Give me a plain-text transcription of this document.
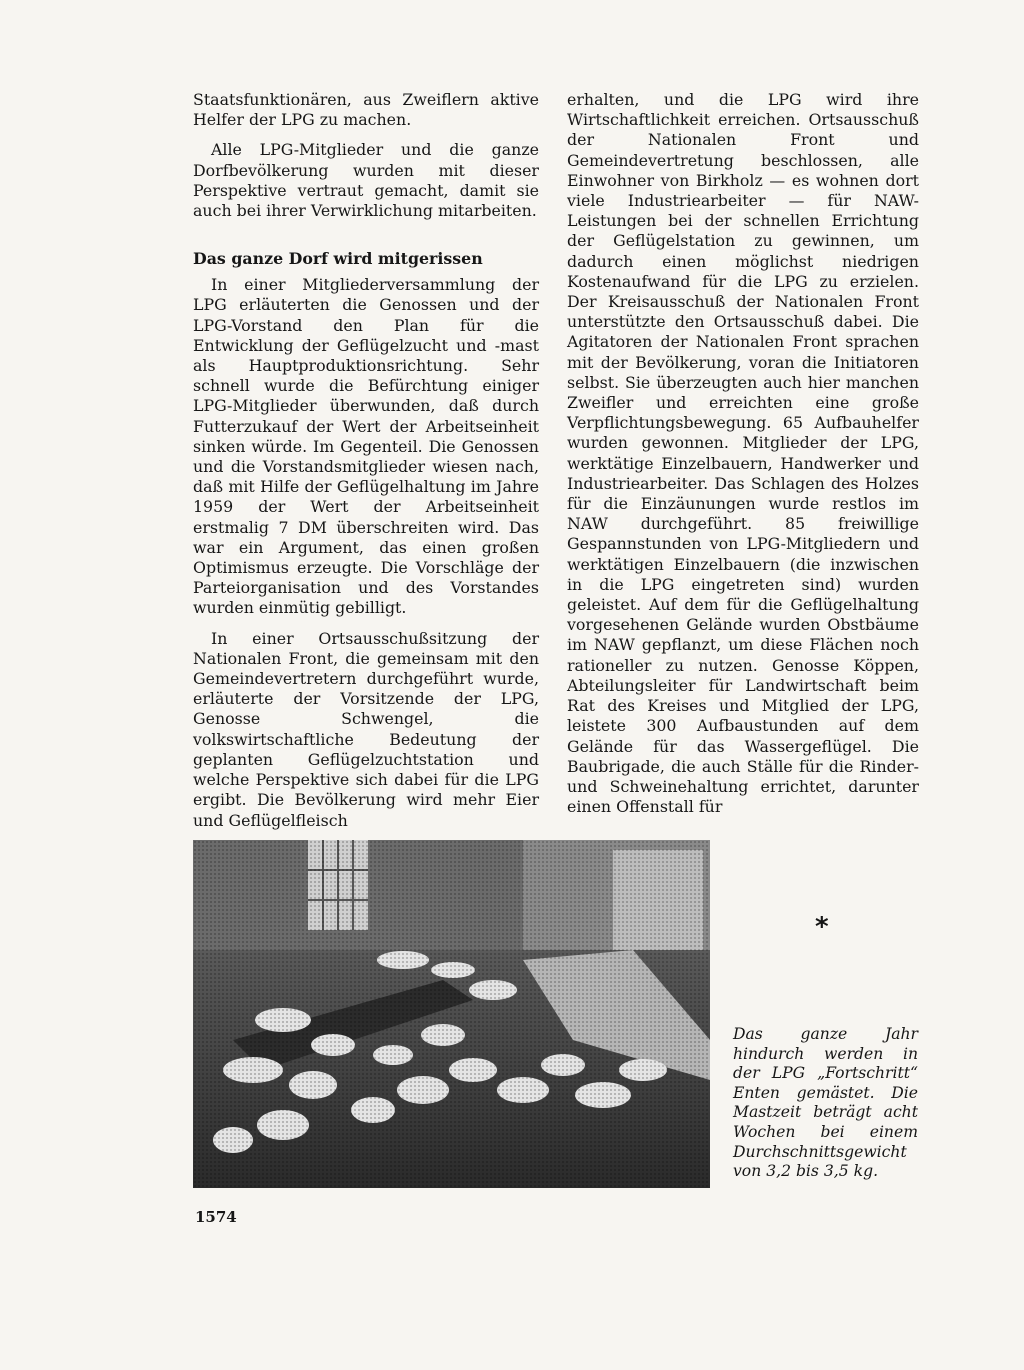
Staatsfunktionären, aus Zweiflern aktive Helfer der LPG zu machen.

Alle LPG-Mitglieder und die ganze Dorfbevölkerung wurden mit dieser Perspektive vertraut gemacht, damit sie auch bei ihrer Verwirklichung mitarbeiten.

Das ganze Dorf wird mitgerissen

In einer Mitgliederversammlung der LPG erläuterten die Genossen und der LPG-Vorstand den Plan für die Entwicklung der Geflügelzucht und -mast als Hauptproduktionsrichtung. Sehr schnell wurde die Befürchtung einiger LPG-Mitglieder überwunden, daß durch Futterzukauf der Wert der Arbeitseinheit sinken würde. Im Gegenteil. Die Genossen und die Vorstandsmitglieder wiesen nach, daß mit Hilfe der Geflügelhaltung im Jahre 1959 der Wert der Arbeitseinheit erstmalig 7 DM überschreiten wird. Das war ein Argument, das einen großen Optimismus erzeugte. Die Vorschläge der Parteiorganisation und des Vorstandes wurden einmütig gebilligt.

In einer Ortsausschußsitzung der Nationalen Front, die gemeinsam mit den Gemeindevertretern durchgeführt wurde, erläuterte der Vorsitzende der LPG, Genosse Schwengel, die volkswirtschaftliche Bedeutung der geplanten Geflügelzuchtstation und welche Perspektive sich dabei für die LPG ergibt. Die Bevölkerung wird mehr Eier und Geflügelfleisch

erhalten, und die LPG wird ihre Wirtschaftlichkeit erreichen. Ortsausschuß der Nationalen Front und Gemeindevertretung beschlossen, alle Einwohner von Birkholz — es wohnen dort viele Industriearbeiter — für NAW-Leistungen bei der schnellen Errichtung der Geflügelstation zu gewinnen, um dadurch einen möglichst niedrigen Kostenaufwand für die LPG zu erzielen. Der Kreisausschuß der Nationalen Front unterstützte den Ortsausschuß dabei. Die Agitatoren der Nationalen Front sprachen mit der Bevölkerung, voran die Initiatoren selbst. Sie überzeugten auch hier manchen Zweifler und erreichten eine große Verpflichtungsbewegung. 65 Aufbauhelfer wurden gewonnen. Mitglieder der LPG, werktätige Einzelbauern, Handwerker und Industriearbeiter. Das Schlagen des Holzes für die Einzäunungen wurde restlos im NAW durchgeführt. 85 freiwillige Gespannstunden von LPG-Mitgliedern und werktätigen Einzelbauern (die inzwischen in die LPG eingetreten sind) wurden geleistet. Auf dem für die Geflügelhaltung vorgesehenen Gelände wurden Obstbäume im NAW gepflanzt, um diese Flächen noch rationeller zu nutzen. Genosse Köppen, Abteilungsleiter für Landwirtschaft beim Rat des Kreises und Mitglied der LPG, leistete 300 Aufbaustunden auf dem Gelände für das Wassergeflügel. Die Baubrigade, die auch Ställe für die Rinder- und Schweinehaltung errichtet, darunter einen Offenstall für

*
Das ganze Jahr hindurch werden in der LPG „Fortschritt“ Enten gemästet. Die Mastzeit beträgt acht Wochen bei einem Durchschnittsgewicht von 3,2 bis 3,5 kg.
1574
